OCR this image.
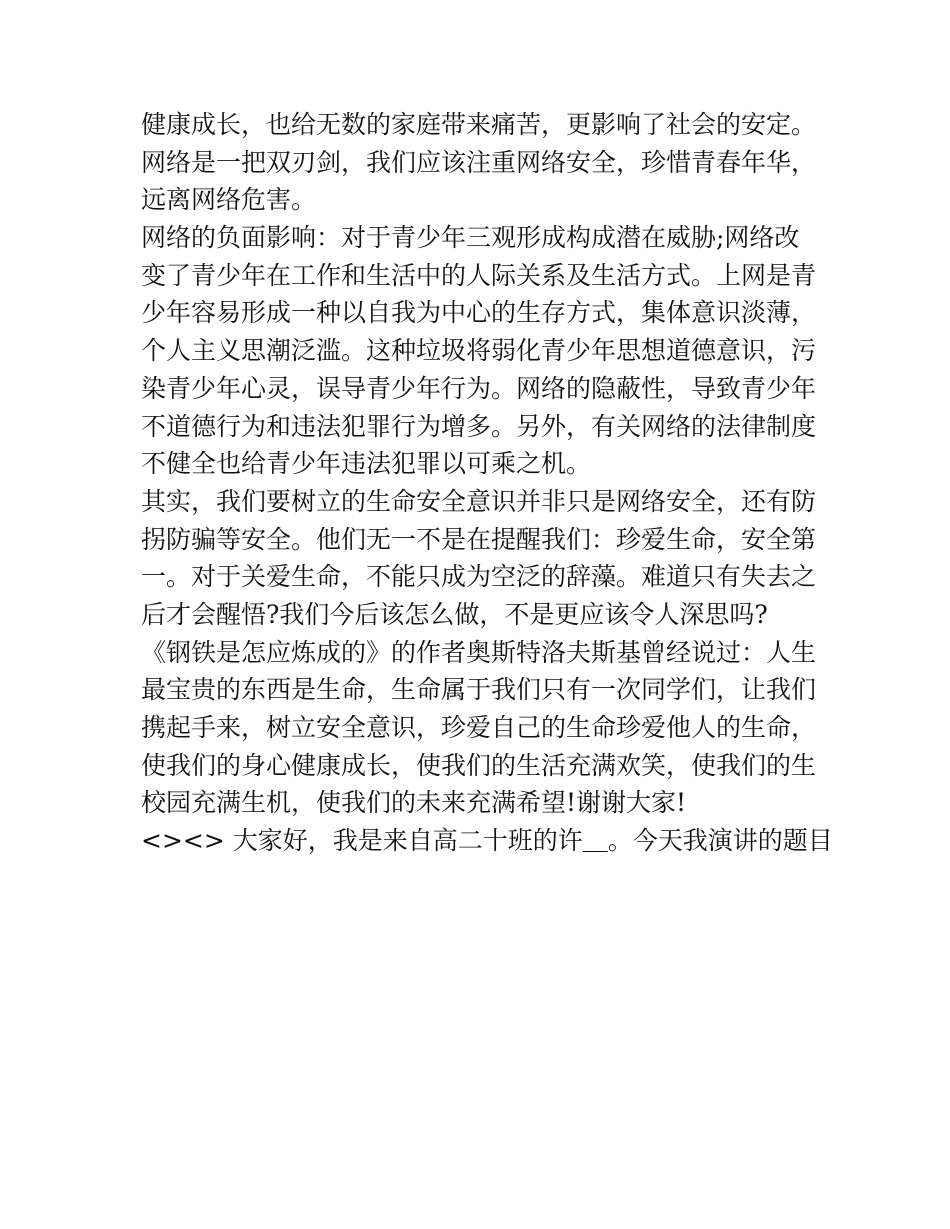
健康成长，也给无数的家庭带来痛苦，更影响了社会的安定。
网络是一把双刃剑，我们应该注重网络安全，珍惜青春年华，
远离网络危害。
网络的负面影响：对于青少年三观形成构成潜在威胁;网络改
变了青少年在工作和生活中的人际关系及生活方式。上网是青
少年容易形成一种以自我为中心的生存方式，集体意识淡薄，
个人主义思潮泛滥。这种垃圾将弱化青少年思想道德意识，污
染青少年心灵，误导青少年行为。网络的隐蔽性，导致青少年
不道德行为和违法犯罪行为增多。另外，有关网络的法律制度
不健全也给青少年违法犯罪以可乘之机。
其实，我们要树立的生命安全意识并非只是网络安全，还有防
拐防骗等安全。他们无一不是在提醒我们：珍爱生命，安全第
一。对于关爱生命，不能只成为空泛的辞藻。难道只有失去之
后才会醒悟?我们今后该怎么做，不是更应该令人深思吗?
《钢铁是怎应炼成的》的作者奥斯特洛夫斯基曾经说过：人生
最宝贵的东西是生命，生命属于我们只有一次同学们，让我们
携起手来，树立安全意识，珍爱自己的生命珍爱他人的生命，
使我们的身心健康成长，使我们的生活充满欢笑，使我们的生
校园充满生机，使我们的未来充满希望!谢谢大家!
<><> 大家好，我是来自高二十班的许＿。今天我演讲的题目
